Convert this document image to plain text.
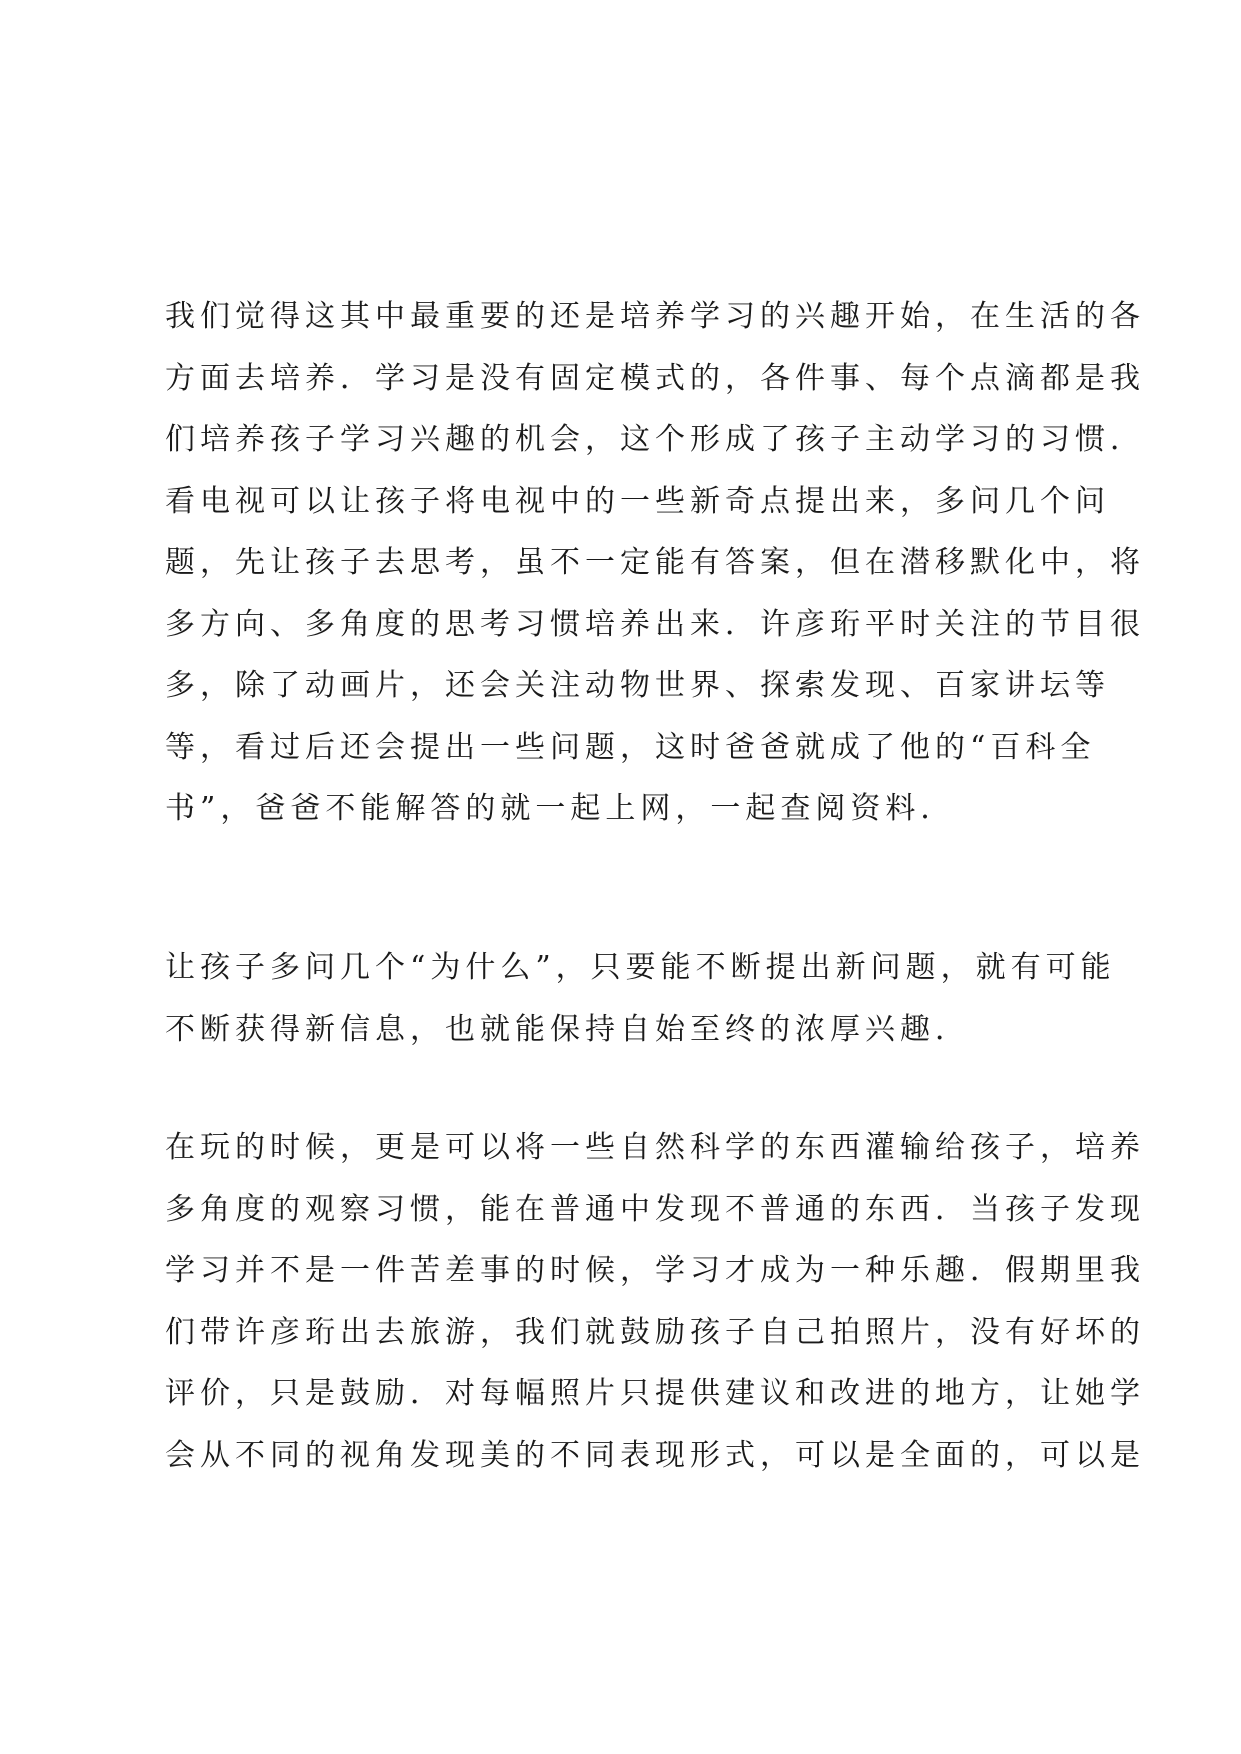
我们觉得这其中最重要的还是培养学习的兴趣开始，在生活的各
方面去培养．学习是没有固定模式的，各件事、每个点滴都是我
们培养孩子学习兴趣的机会，这个形成了孩子主动学习的习惯．
看电视可以让孩子将电视中的一些新奇点提出来，多问几个问
题，先让孩子去思考，虽不一定能有答案，但在潜移默化中，将
多方向、多角度的思考习惯培养出来．许彦珩平时关注的节目很
多，除了动画片，还会关注动物世界、探索发现、百家讲坛等
等，看过后还会提出一些问题，这时爸爸就成了他的“百科全
书”，爸爸不能解答的就一起上网，一起查阅资料．
让孩子多问几个“为什么”，只要能不断提出新问题，就有可能
不断获得新信息，也就能保持自始至终的浓厚兴趣．
在玩的时候，更是可以将一些自然科学的东西灌输给孩子，培养
多角度的观察习惯，能在普通中发现不普通的东西．当孩子发现
学习并不是一件苦差事的时候，学习才成为一种乐趣．假期里我
们带许彦珩出去旅游，我们就鼓励孩子自己拍照片，没有好坏的
评价，只是鼓励．对每幅照片只提供建议和改进的地方，让她学
会从不同的视角发现美的不同表现形式，可以是全面的，可以是
